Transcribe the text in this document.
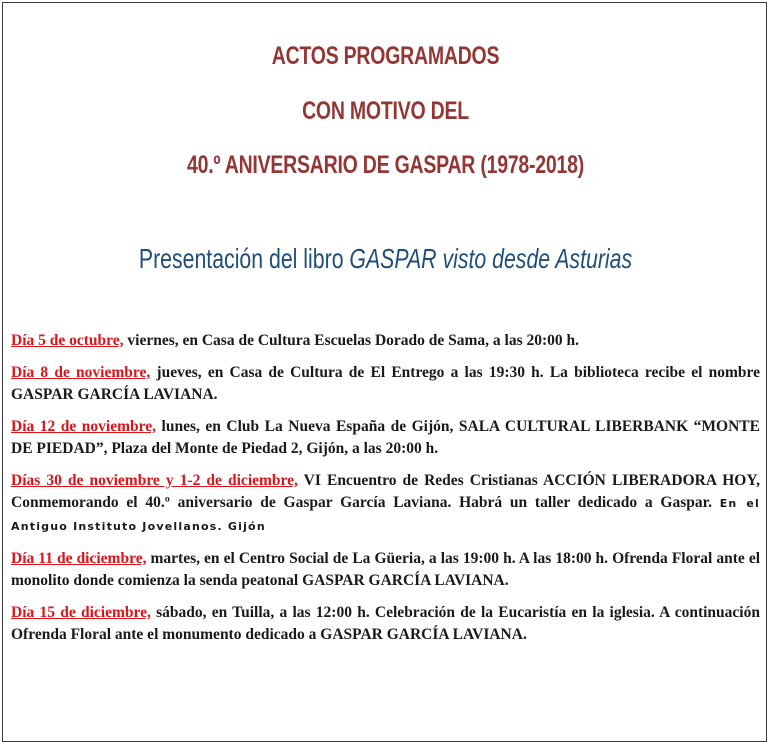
ACTOS PROGRAMADOS
CON MOTIVO DEL
40.º ANIVERSARIO DE GASPAR (1978-2018)
Presentación del libro GASPAR visto desde Asturias

Día 5 de octubre, viernes, en Casa de Cultura Escuelas Dorado de Sama, a las 20:00 h.

Día 8 de noviembre, jueves, en Casa de Cultura de El Entrego a las 19:30 h. La biblioteca recibe el nombre GASPAR GARCÍA LAVIANA.

Día 12 de noviembre, lunes, en Club La Nueva España de Gijón, SALA CULTURAL LIBERBANK “MONTE DE PIEDAD”, Plaza del Monte de Piedad 2, Gijón, a las 20:00 h.

Días 30 de noviembre y 1-2 de diciembre, VI Encuentro de Redes Cristianas ACCIÓN LIBERADORA HOY, Conmemorando el 40.º aniversario de Gaspar García Laviana. Habrá un taller dedicado a Gaspar. En el Antiguo Instituto Jovellanos. Gijón

Día 11 de diciembre, martes, en el Centro Social de La Güeria, a las 19:00 h. A las 18:00 h. Ofrenda Floral ante el monolito donde comienza la senda peatonal GASPAR GARCÍA LAVIANA.

Día 15 de diciembre, sábado, en Tuilla, a las 12:00 h. Celebración de la Eucaristía en la iglesia. A continuación Ofrenda Floral ante el monumento dedicado a GASPAR GARCÍA LAVIANA.
